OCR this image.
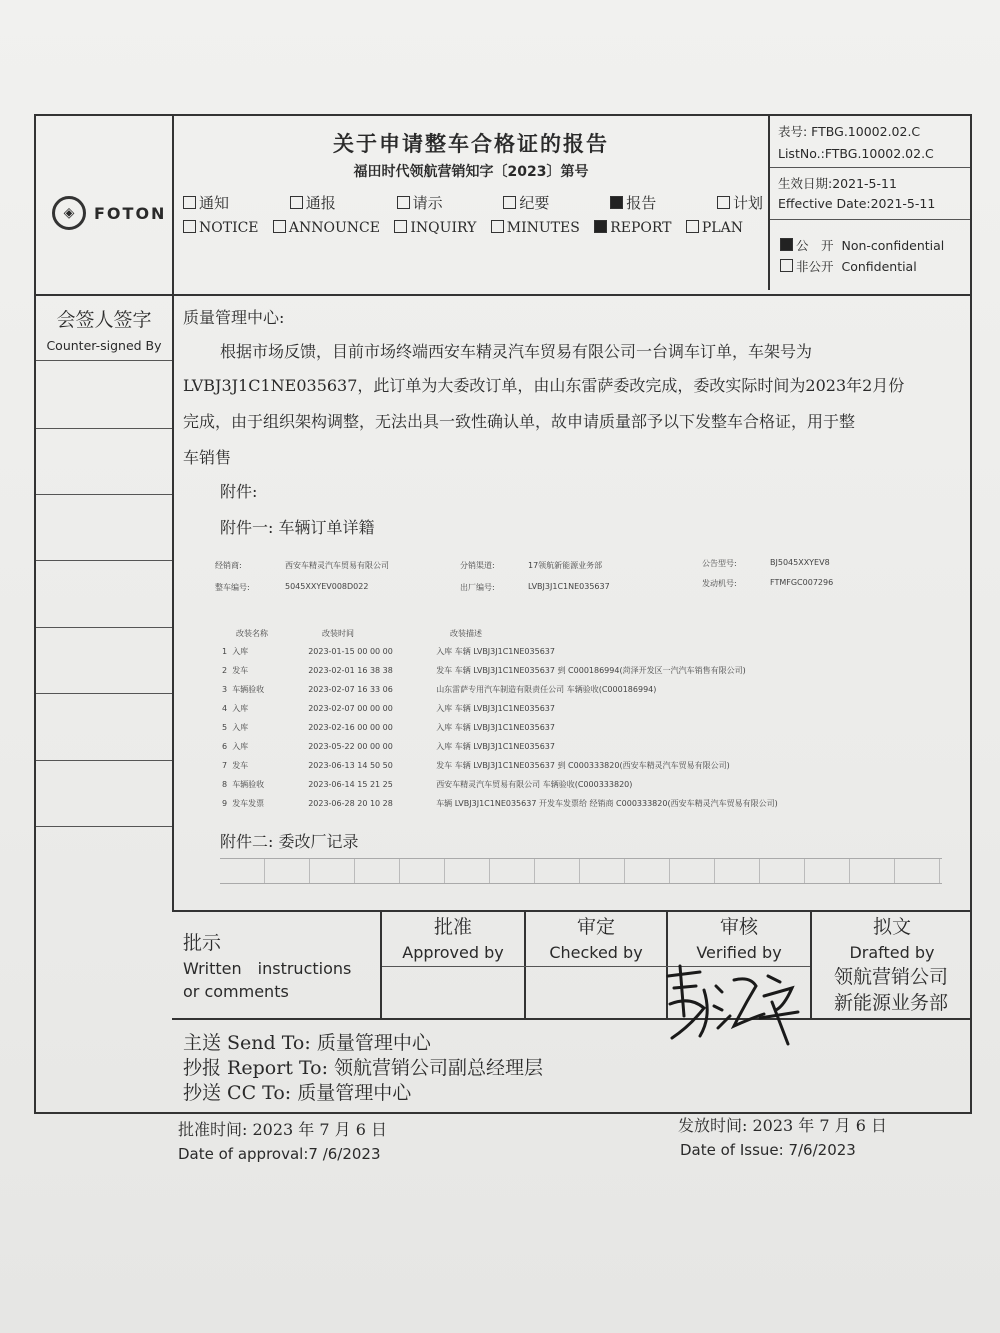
◈	FOTON
关于申请整车合格证的报告
福田时代领航营销知字〔2023〕第号
通知	通报	请示	纪要	报告	计划
NOTICE	ANNOUNCE	INQUIRY	MINUTES	REPORT	PLAN
表号: FTBG.10002.02.C
ListNo.:FTBG.10002.02.C
生效日期:2021-5-11
Effective Date:2021-5-11
公　开 Non-confidential
非公开 Confidential
会签人签字
Counter-signed By
质量管理中心:
根据市场反馈，目前市场终端西安车精灵汽车贸易有限公司一台调车订单，车架号为
LVBJ3J1C1NE035637，此订单为大委改订单，由山东雷萨委改完成，委改实际时间为2023年2月份
完成，由于组织架构调整，无法出具一致性确认单，故申请质量部予以下发整车合格证，用于整
车销售
附件:
附件一: 车辆订单详籍
经销商:	西安车精灵汽车贸易有限公司	分销渠道:	17领航新能源业务部	公告型号:	BJ5045XXYEV8
整车编号:	5045XXYEV008D022	出厂编号:	LVBJ3J1C1NE035637	发动机号:	FTMFGC007296
改装名称	改装时间	改装描述
1 入库	2023-01-15 00 00 00	入库 车辆 LVBJ3J1C1NE035637
2 发车	2023-02-01 16 38 38	发车 车辆 LVBJ3J1C1NE035637 到 C000186994(菏泽开发区一汽汽车销售有限公司)
3 车辆验收	2023-02-07 16 33 06	山东雷萨专用汽车制造有限责任公司 车辆验收(C000186994)
4 入库	2023-02-07 00 00 00	入库 车辆 LVBJ3J1C1NE035637
5 入库	2023-02-16 00 00 00	入库 车辆 LVBJ3J1C1NE035637
6 入库	2023-05-22 00 00 00	入库 车辆 LVBJ3J1C1NE035637
7 发车	2023-06-13 14 50 50	发车 车辆 LVBJ3J1C1NE035637 到 C000333820(西安车精灵汽车贸易有限公司)
8 车辆验收	2023-06-14 15 21 25	西安车精灵汽车贸易有限公司 车辆验收(C000333820)
9 发车发票	2023-06-28 20 10 28	车辆 LVBJ3J1C1NE035637 开发车发票给 经销商 C000333820(西安车精灵汽车贸易有限公司)
附件二: 委改厂记录
批示
Written　instructions
or comments
批准
Approved by
审定
Checked by
审核
Verified by
拟文
Drafted by
领航营销公司
新能源业务部
主送 Send To: 质量管理中心
抄报 Report To: 领航营销公司副总经理层
抄送 CC To: 质量管理中心
批准时间: 2023 年 7 月 6 日
Date of approval:7 /6/2023
发放时间: 2023 年 7 月 6 日
Date of Issue: 7/6/2023
